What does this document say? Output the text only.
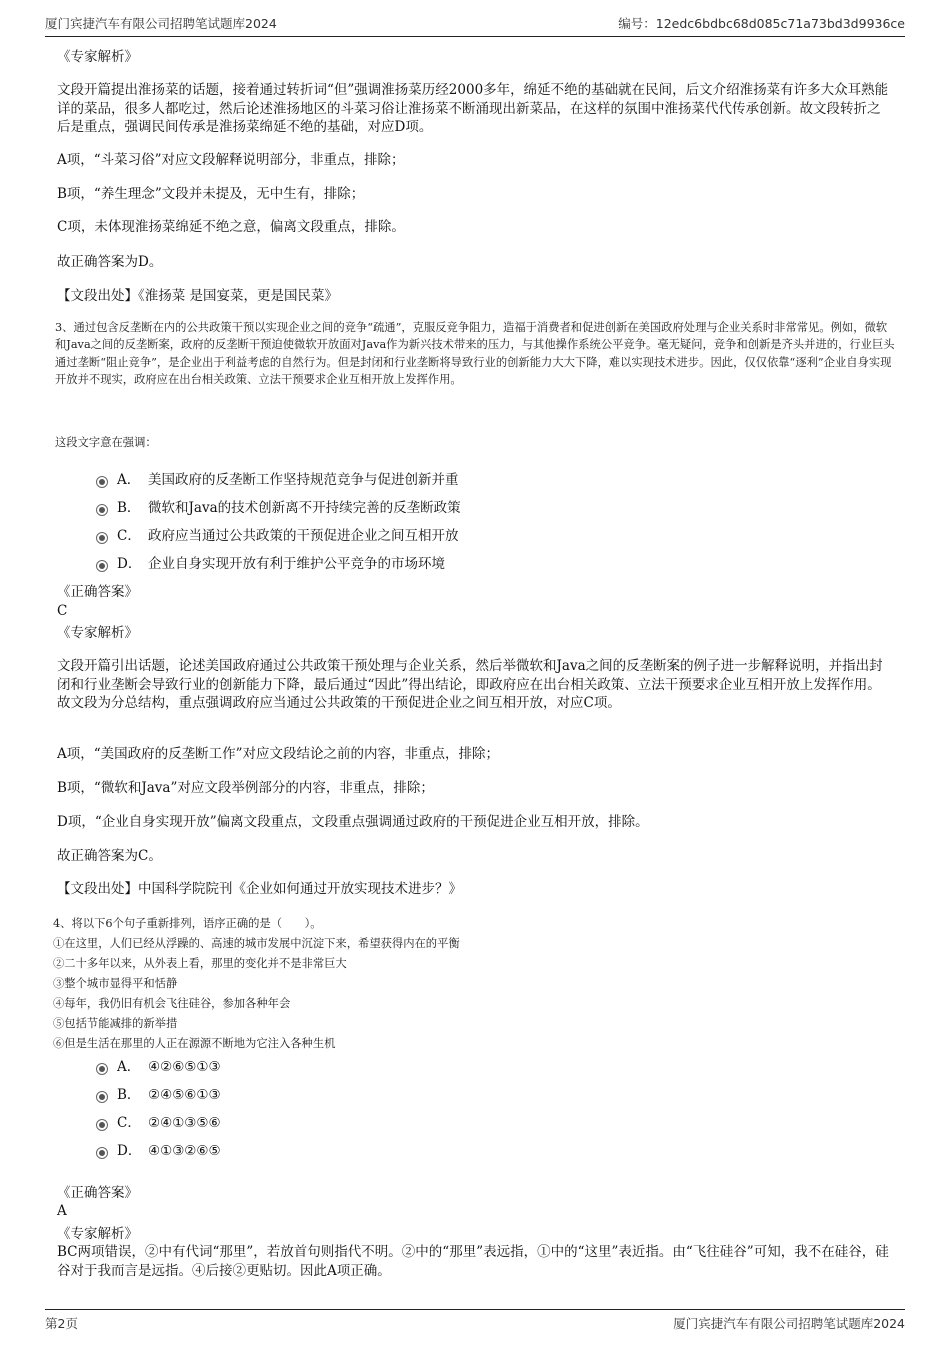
厦门宾捷汽车有限公司招聘笔试题库2024	编号：12edc6bdbc68d085c71a73bd3d9936ce
《专家解析》
文段开篇提出淮扬菜的话题，接着通过转折词“但”强调淮扬菜历经2000多年，绵延不绝的基础就在民间，后文介绍淮扬菜有许多大众耳熟能详的菜品，很多人都吃过，然后论述淮扬地区的斗菜习俗让淮扬菜不断涌现出新菜品，在这样的氛围中淮扬菜代代传承创新。故文段转折之后是重点，强调民间传承是淮扬菜绵延不绝的基础，对应D项。
A项，“斗菜习俗”对应文段解释说明部分，非重点，排除；
B项，“养生理念”文段并未提及，无中生有，排除；
C项，未体现淮扬菜绵延不绝之意，偏离文段重点，排除。
故正确答案为D。
【文段出处】《淮扬菜 是国宴菜，更是国民菜》
3、通过包含反垄断在内的公共政策干预以实现企业之间的竞争“疏通”，克服反竞争阻力，造福于消费者和促进创新在美国政府处理与企业关系时非常常见。例如，微软和Java之间的反垄断案，政府的反垄断干预迫使微软开放面对Java作为新兴技术带来的压力，与其他操作系统公平竞争。毫无疑问，竞争和创新是齐头并进的，行业巨头通过垄断“阻止竞争”，是企业出于利益考虑的自然行为。但是封闭和行业垄断将导致行业的创新能力大大下降，难以实现技术进步。因此，仅仅依靠“逐利”企业自身实现开放并不现实，政府应在出台相关政策、立法干预要求企业互相开放上发挥作用。
这段文字意在强调：
A． 美国政府的反垄断工作坚持规范竞争与促进创新并重
B． 微软和Java的技术创新离不开持续完善的反垄断政策
C． 政府应当通过公共政策的干预促进企业之间互相开放
D． 企业自身实现开放有利于维护公平竞争的市场环境
《正确答案》
C
《专家解析》
文段开篇引出话题，论述美国政府通过公共政策干预处理与企业关系，然后举微软和Java之间的反垄断案的例子进一步解释说明，并指出封闭和行业垄断会导致行业的创新能力下降，最后通过“因此”得出结论，即政府应在出台相关政策、立法干预要求企业互相开放上发挥作用。故文段为分总结构，重点强调政府应当通过公共政策的干预促进企业之间互相开放，对应C项。
A项，“美国政府的反垄断工作”对应文段结论之前的内容，非重点，排除；
B项，“微软和Java”对应文段举例部分的内容，非重点，排除；
D项，“企业自身实现开放”偏离文段重点，文段重点强调通过政府的干预促进企业互相开放，排除。
故正确答案为C。
【文段出处】中国科学院院刊《企业如何通过开放实现技术进步？》
4、将以下6个句子重新排列，语序正确的是（　　）。
①在这里，人们已经从浮躁的、高速的城市发展中沉淀下来，希望获得内在的平衡
②二十多年以来，从外表上看，那里的变化并不是非常巨大
③整个城市显得平和恬静
④每年，我仍旧有机会飞往硅谷，参加各种年会
⑤包括节能减排的新举措
⑥但是生活在那里的人正在源源不断地为它注入各种生机
A． ④②⑥⑤①③
B． ②④⑤⑥①③
C． ②④①③⑤⑥
D． ④①③②⑥⑤
《正确答案》
A
《专家解析》
BC两项错误，②中有代词“那里”，若放首句则指代不明。②中的“那里”表远指，①中的“这里”表近指。由“飞往硅谷”可知，我不在硅谷，硅谷对于我而言是远指。④后接②更贴切。因此A项正确。
第2页	厦门宾捷汽车有限公司招聘笔试题库2024
